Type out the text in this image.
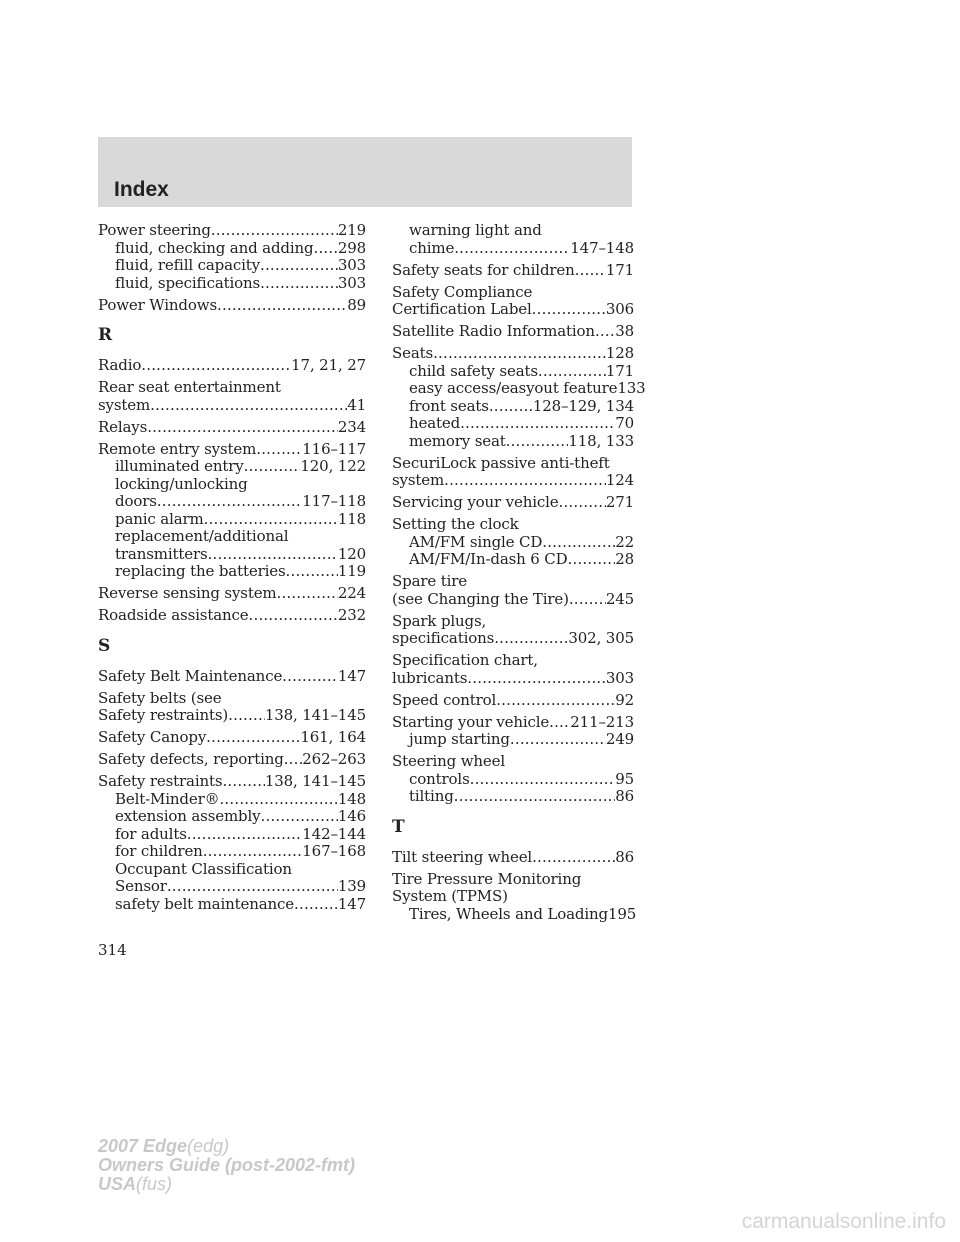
Index
Power steering .....	219
fluid, checking and adding ..... 298
fluid, refill capacity .....	303
fluid, specifications .....	303
Power Windows .....	89
R
Radio .....	17, 21, 27
Rear seat entertainment
system .....	41
Relays .....	234
Remote entry system .....	116–117
illuminated entry .....	120, 122
locking/unlocking
doors .....	117–118
panic alarm .....	118
replacement/additional
transmitters .....	120
replacing the batteries .....	119
Reverse sensing system .....	224
Roadside assistance .....	232
S
Safety Belt Maintenance .....	147
Safety belts (see
Safety restraints) ..... 138, 141–145
Safety Canopy .....	161, 164
Safety defects, reporting ..... 262–263
Safety restraints .....	138, 141–145
Belt-Minder® .....	148
extension assembly .....	146
for adults .....	142–144
for children .....	167–168
Occupant Classification
Sensor .....	139
safety belt maintenance .....	147
warning light and
chime .....	147–148
Safety seats for children ..... 171
Safety Compliance
Certification Label .....	306
Satellite Radio Information ..... 38
Seats .....	128
child safety seats .....	171
easy access/easyout feature 133
front seats .....	128–129, 134
heated .....	70
memory seat .....	118, 133
SecuriLock passive anti-theft
system .....	124
Servicing your vehicle .....	271
Setting the clock
AM/FM single CD .....	22
AM/FM/In-dash 6 CD .....	28
Spare tire
(see Changing the Tire) ..... 245
Spark plugs,
specifications .....	302, 305
Specification chart,
lubricants .....	303
Speed control .....	92
Starting your vehicle ..... 211–213
jump starting .....	249
Steering wheel
controls .....	95
tilting .....	86
T
Tilt steering wheel .....	86
Tire Pressure Monitoring
System (TPMS)
Tires, Wheels and Loading 195
314
2007 Edge(edg)
Owners Guide (post-2002-fmt)
USA(fus)
carmanualsonline.info
